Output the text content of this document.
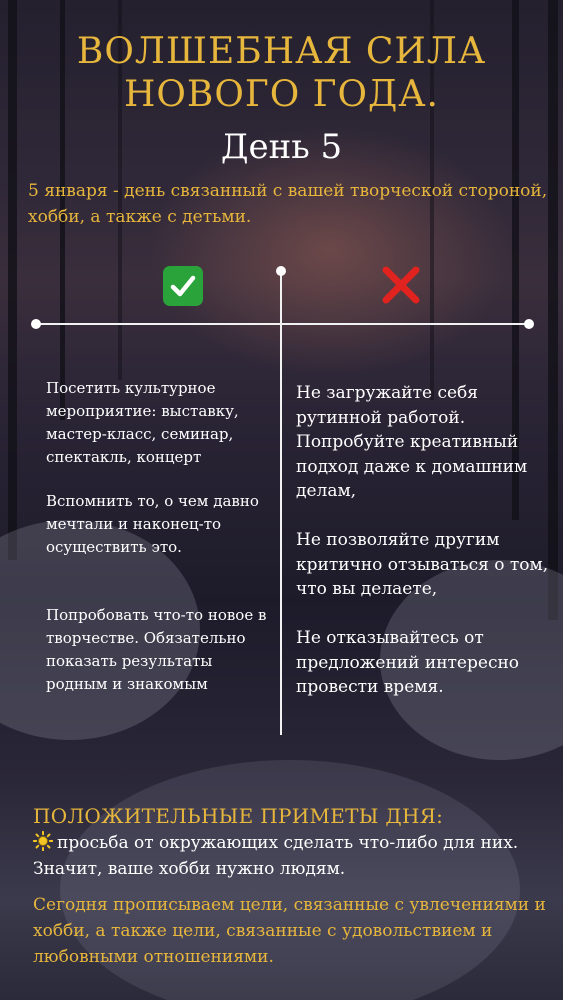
ВОЛШЕБНАЯ СИЛА
НОВОГО ГОДА.
День 5
5 января - день связанный с вашей творческой стороной, хобби, а также с детьми.
Посетить культурное мероприятие: выставку, мастер-класс, семинар, спектакль, концерт
Вспомнить то, о чем давно мечтали и наконец-то осуществить это.
Попробовать что-то новое в творчестве. Обязательно показать результаты родным и знакомым
Не загружайте себя рутинной работой. Попробуйте креативный подход даже к домашним делам,
Не позволяйте другим критично отзываться о том, что вы делаете,
Не отказывайтесь от предложений интересно провести время.
ПОЛОЖИТЕЛЬНЫЕ ПРИМЕТЫ ДНЯ:
просьба от окружающих сделать что-либо для них. Значит, ваше хобби нужно людям.
Сегодня прописываем цели, связанные с увлечениями и хобби, а также цели, связанные с удовольствием и любовными отношениями.
